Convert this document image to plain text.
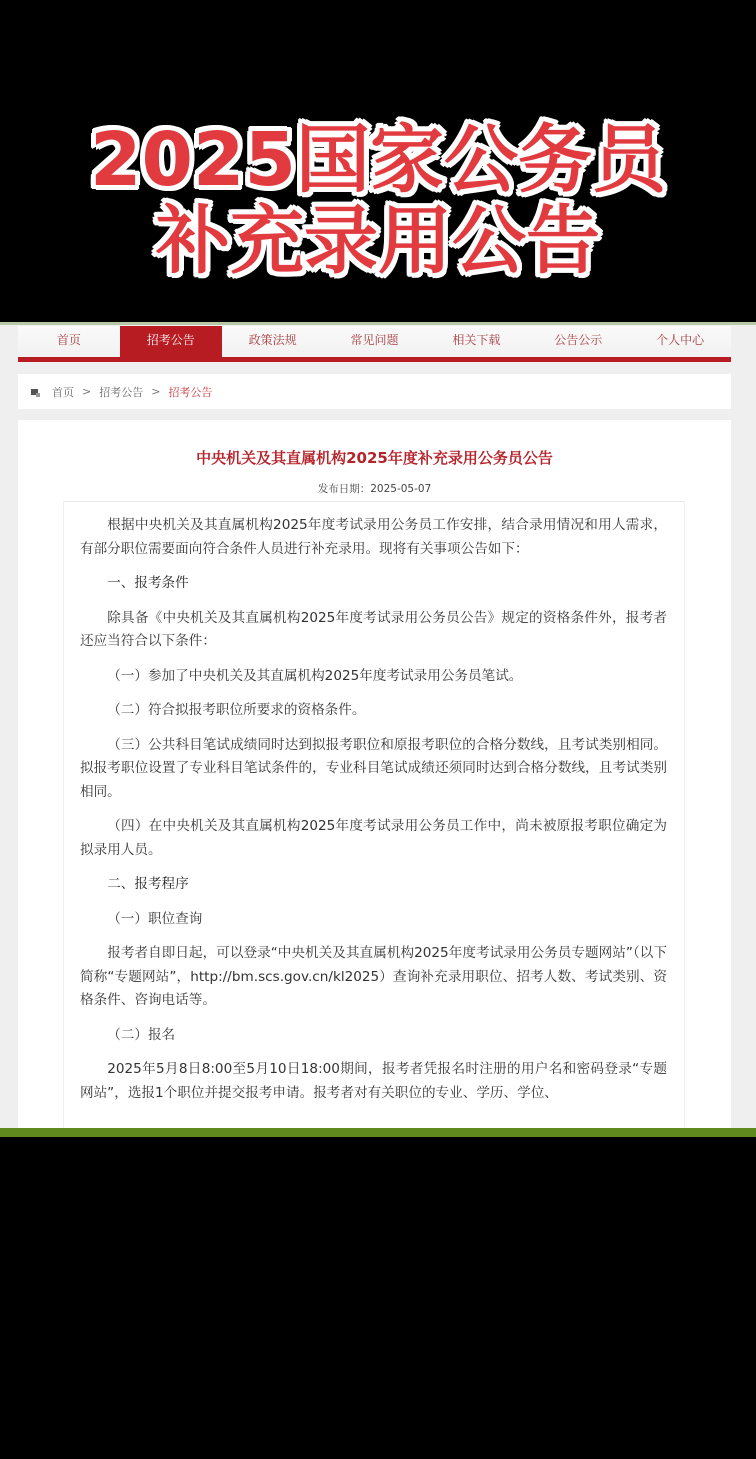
2025国家公务员
补充录用公告
首页	招考公告	政策法规	常见问题	相关下载	公告公示	个人中心
首页 > 招考公告 > 招考公告
中央机关及其直属机构2025年度补充录用公务员公告
发布日期：2025-05-07

根据中央机关及其直属机构2025年度考试录用公务员工作安排，结合录用情况和用人需求，有部分职位需要面向符合条件人员进行补充录用。现将有关事项公告如下：

一、报考条件

除具备《中央机关及其直属机构2025年度考试录用公务员公告》规定的资格条件外，报考者还应当符合以下条件：

（一）参加了中央机关及其直属机构2025年度考试录用公务员笔试。

（二）符合拟报考职位所要求的资格条件。

（三）公共科目笔试成绩同时达到拟报考职位和原报考职位的合格分数线，且考试类别相同。拟报考职位设置了专业科目笔试条件的，专业科目笔试成绩还须同时达到合格分数线，且考试类别相同。

（四）在中央机关及其直属机构2025年度考试录用公务员工作中，尚未被原报考职位确定为拟录用人员。

二、报考程序

（一）职位查询

报考者自即日起，可以登录“中央机关及其直属机构2025年度考试录用公务员专题网站”（以下简称“专题网站”，http://bm.scs.gov.cn/kl2025）查询补充录用职位、招考人数、考试类别、资格条件、咨询电话等。

（二）报名

2025年5月8日8:00至5月10日18:00期间，报考者凭报名时注册的用户名和密码登录“专题网站”，选报1个职位并提交报考申请。报考者对有关职位的专业、学历、学位、
